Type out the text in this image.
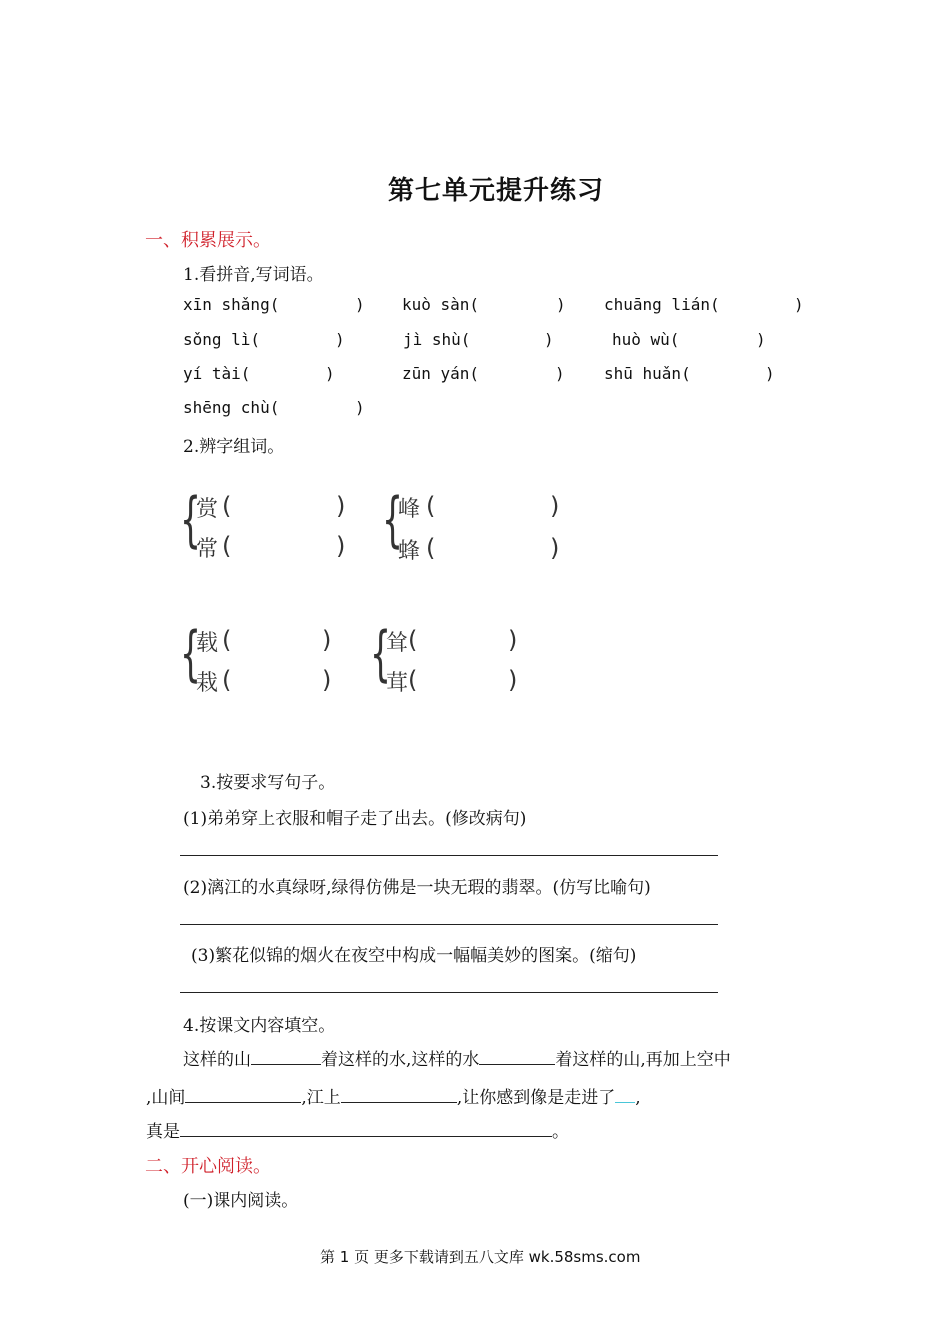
第七单元提升练习
一、积累展示。
1.看拼音,写词语。
xīn shǎng(	) kuò sàn(	) chuāng lián(	)
sǒng lì(	)	jì shù(	)	huò wù(	)
yí tài(	)	zūn yán(	) shū huǎn(	)
shēng chù(	)
2.辨字组词。
{
赏 (	)
常 (	) {
峰 (	)
蜂 (	)
{
载 (	)
栽 (	) {
耸 (	)
茸 (	)
3.按要求写句子。
(1)弟弟穿上衣服和帽子走了出去。(修改病句)
(2)漓江的水真绿呀,绿得仿佛是一块无瑕的翡翠。(仿写比喻句)
(3)繁花似锦的烟火在夜空中构成一幅幅美妙的图案。(缩句)
4.按课文内容填空。
这样的山	着这样的水,这样的水	着这样的山,再加上空中
,山间	,江上	,让你感到像是走进了 ,
真是	。
二、开心阅读。
(一)课内阅读。
第 1 页 更多下载请到五八文库 wk.58sms.com
